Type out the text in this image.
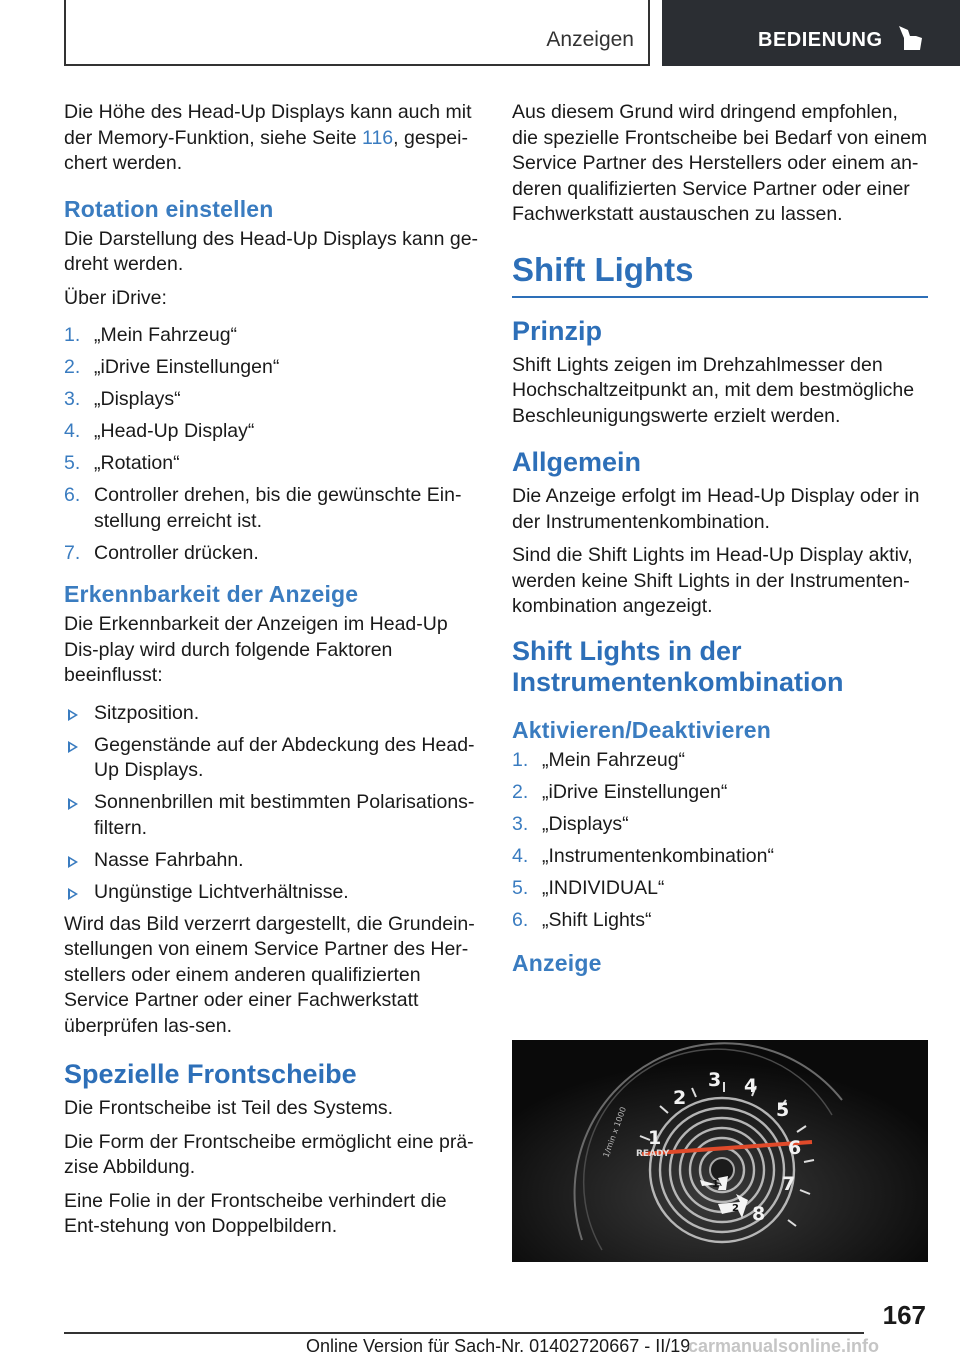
Anzeigen	BEDIENUNG

Die Höhe des Head-Up Displays kann auch mit der Memory-Funktion, siehe Seite 116, gespei-chert werden.

Rotation einstellen

Die Darstellung des Head-Up Displays kann ge-dreht werden.

Über iDrive:

1. „Mein Fahrzeug“
2. „iDrive Einstellungen“
3. „Displays“
4. „Head-Up Display“
5. „Rotation“
6. Controller drehen, bis die gewünschte Ein-stellung erreicht ist.
7. Controller drücken.
Erkennbarkeit der Anzeige

Die Erkennbarkeit der Anzeigen im Head-Up Dis-play wird durch folgende Faktoren beeinflusst:

Sitzposition.
Gegenstände auf der Abdeckung des Head-Up Displays.
Sonnenbrillen mit bestimmten Polarisations-filtern.
Nasse Fahrbahn.
Ungünstige Lichtverhältnisse.

Wird das Bild verzerrt dargestellt, die Grundein-stellungen von einem Service Partner des Her-stellers oder einem anderen qualifizierten Service Partner oder einer Fachwerkstatt überprüfen las-sen.

Spezielle Frontscheibe

Die Frontscheibe ist Teil des Systems.

Die Form der Frontscheibe ermöglicht eine prä-zise Abbildung.

Eine Folie in der Frontscheibe verhindert die Ent-stehung von Doppelbildern.

Aus diesem Grund wird dringend empfohlen, die spezielle Frontscheibe bei Bedarf von einem Service Partner des Herstellers oder einem an-deren qualifizierten Service Partner oder einer Fachwerkstatt austauschen zu lassen.

Shift Lights
Prinzip

Shift Lights zeigen im Drehzahlmesser den Hochschaltzeitpunkt an, mit dem bestmögliche Beschleunigungswerte erzielt werden.

Allgemein

Die Anzeige erfolgt im Head-Up Display oder in der Instrumentenkombination.

Sind die Shift Lights im Head-Up Display aktiv, werden keine Shift Lights in der Instrumenten-kombination angezeigt.

Shift Lights in der
Instrumentenkombination
Aktivieren/Deaktivieren
1. „Mein Fahrzeug“
2. „iDrive Einstellungen“
3. „Displays“
4. „Instrumentenkombination“
5. „INDIVIDUAL“
6. „Shift Lights“
Anzeige
1
2
3 4
5
6
7
8
1/min x 1000 READY
1
2
167
Online Version für Sach-Nr. 01402720667 - II/19
carmanualsonline.info
